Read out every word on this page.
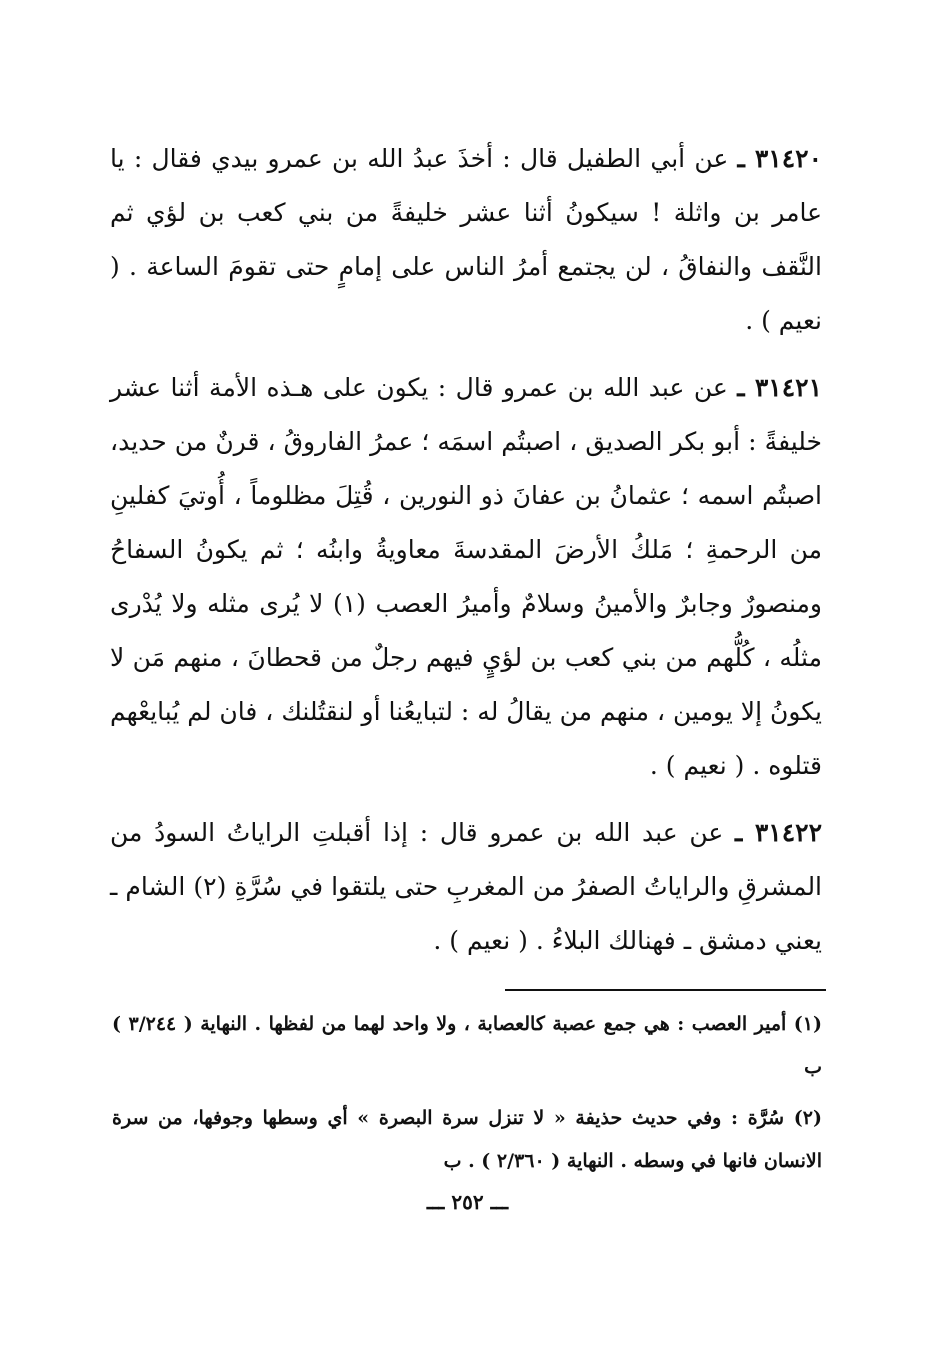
٣١٤٢٠ ـ عن أبي الطفيل قال : أخذَ عبدُ الله بن عمرو بيدي فقال : يا عامر بن واثلة ! سيكونُ أثنا عشر خليفةً من بني كعب بن لؤي ثم النَّقف والنفاقُ ، لن يجتمع أمرُ الناس على إمامٍ حتى تقومَ الساعة . ( نعيم ) .

٣١٤٢١ ـ عن عبد الله بن عمرو قال : يكون على هـذه الأمة أثنا عشر خليفةً : أبو بكر الصديق ، اصبتُم اسمَه ؛ عمرُ الفاروقُ ، قرنٌ من حديد، اصبتُم اسمه ؛ عثمانُ بن عفانَ ذو النورين ، قُتِلَ مظلوماً ، أُوتيَ كفلينِ من الرحمةِ ؛ مَلكُ الأرضَ المقدسةَ معاويةُ وابنُه ؛ ثم يكونُ السفاحُ ومنصورٌ وجابرٌ والأمينُ وسلامٌ وأميرُ العصب (١) لا يُرى مثله ولا يُدْرى مثلُه ، كُلُّهم من بني كعب بن لؤيٍ فيهم رجلٌ من قحطانَ ، منهم مَن لا يكونُ إلا يومين ، منهم من يقالُ له : لتبايعُنا أو لنقتُلنك ، فان لم يُبايعْهم قتلوه . ( نعيم ) .

٣١٤٢٢ ـ عن عبد الله بن عمرو قال : إذا أقبلتِ الراياتُ السودُ من المشرقِ والراياتُ الصفرُ من المغربِ حتى يلتقوا في سُرَّةِ (٢) الشام ـ يعني دمشق ـ فهنالك البلاءُ . ( نعيم ) .

(١) أمير العصب : هي جمع عصبة كالعصابة ، ولا واحد لهما من لفظها . النهاية ( ٣/٢٤٤ ) ب

(٢) سُرَّة : وفي حديث حذيفة « لا تنزل سرة البصرة » أي وسطها وجوفها، من سرة الانسان فانها في وسطه . النهاية ( ٢/٣٦٠ ) . ب

ـــ ٢٥٢ ـــ
